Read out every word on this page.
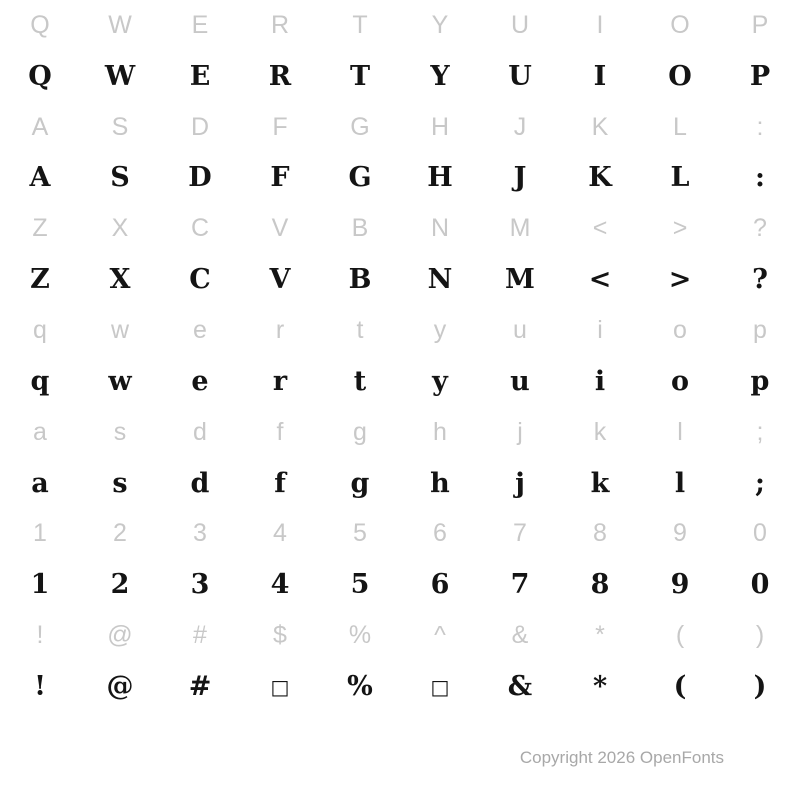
Q	W	E	R	T	Y	U	I	O	P
Q	W	E	R	T	Y	U	I	O	P
A	S	D	F	G	H	J	K	L	:
A	S	D	F	G	H	J	K	L	:
Z	X	C	V	B	N	M	<	>	?
Z	X	C	V	B	N	M	<	>	?
q	w	e	r	t	y	u	i	o	p
q	w	e	r	t	y	u	i	o	p
a	s	d	f	g	h	j	k	l	;
a	s	d	f	g	h	j	k	l	;
1	2	3	4	5	6	7	8	9	0
1	2	3	4	5	6	7	8	9	0
!	@	#	$	%	^	&	*	(	)
!	@	#	□	%	□	&	*	(	)
Copyright 2026 OpenFonts
